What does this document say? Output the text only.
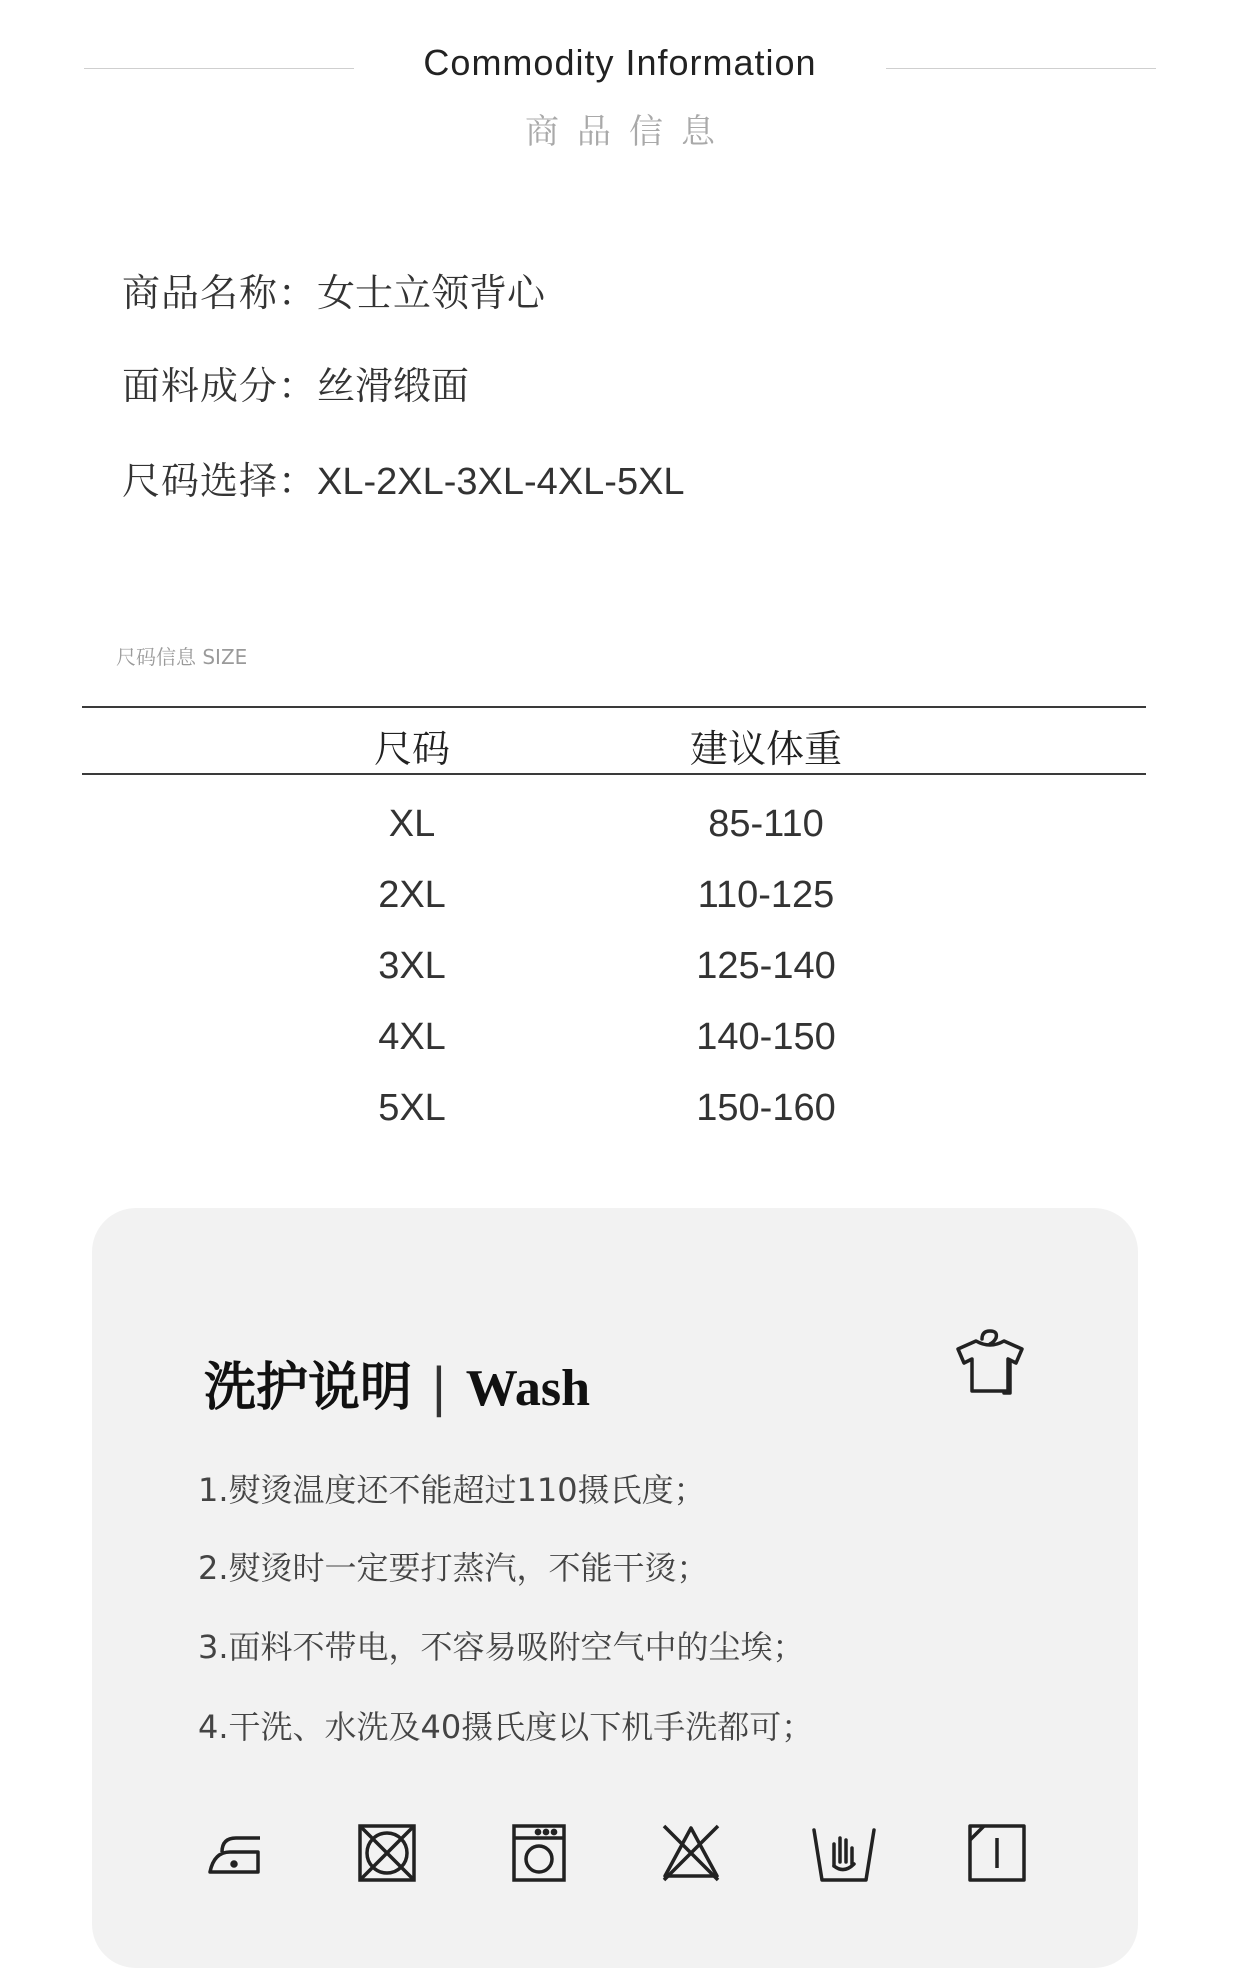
Commodity Information
商品信息
商品名称：女士立领背心
面料成分：丝滑缎面
尺码选择：XL-2XL-3XL-4XL-5XL
尺码信息 SIZE
尺码	建议体重
XL	85-110
2XL	110-125
3XL	125-140
4XL	140-150
5XL	150-160
洗护说明 | Wash
1.熨烫温度还不能超过110摄氏度；
2.熨烫时一定要打蒸汽，不能干烫；
3.面料不带电，不容易吸附空气中的尘埃；
4.干洗、水洗及40摄氏度以下机手洗都可；
